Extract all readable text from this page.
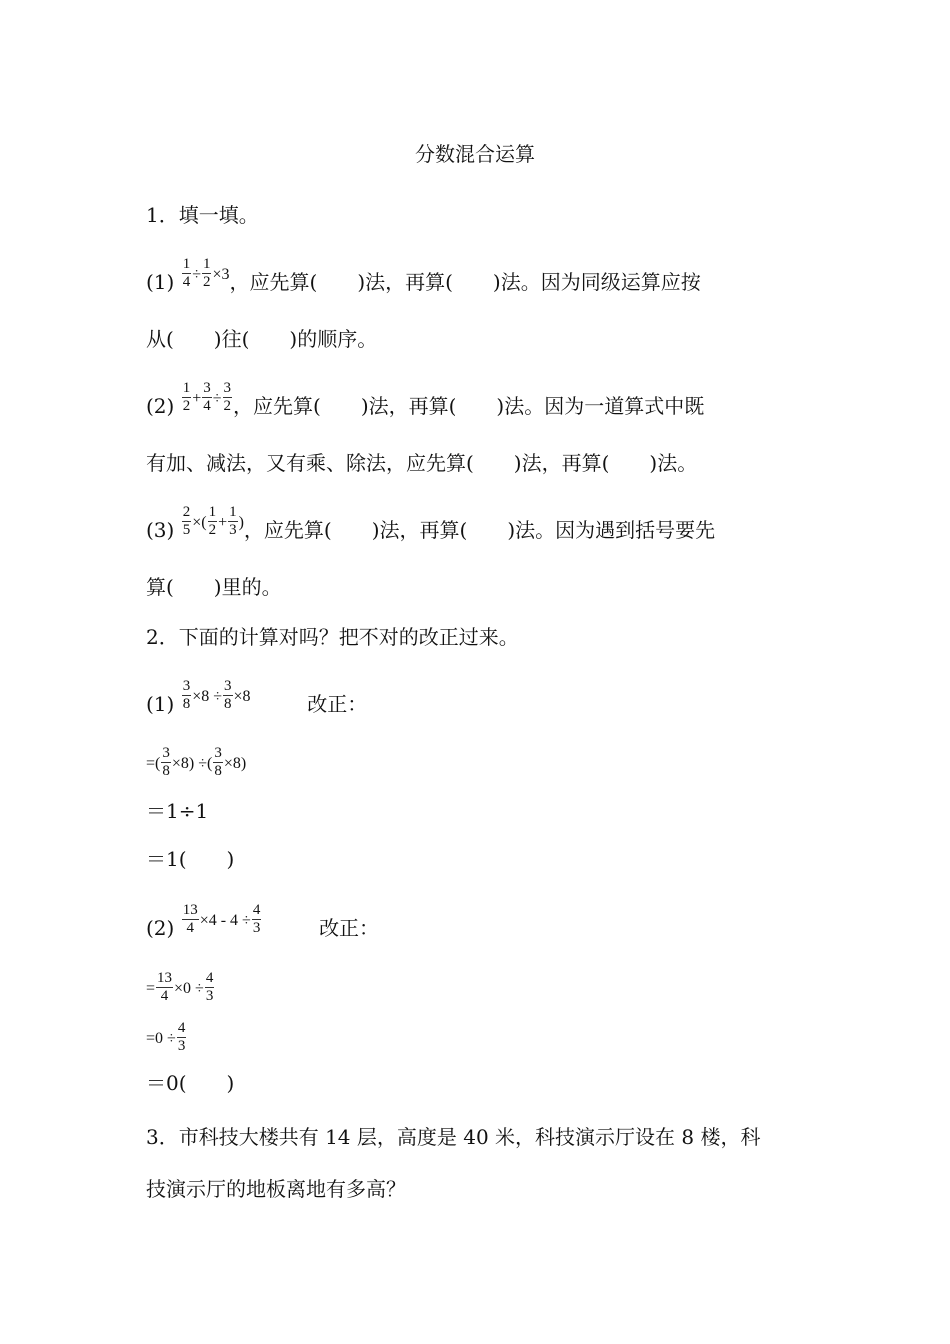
分数混合运算
1．填一填。
$(1) \frac{1}{4} \div \frac{1}{2} \times 3$，应先算(　　)法，再算(　　)法。因为同级运算应按
从(　　)往(　　)的顺序。
$(2) \frac{1}{2} + \frac{3}{4} \div \frac{3}{2}$ ，应先算(　　)法，再算(　　)法。因为一道算式中既
有加、减法，又有乘、除法，应先算(　　)法，再算(　　)法。
$(3) \frac{2}{5}$ ×( $\frac{1}{2} + \frac{1}{3}$ )，应先算(　　)法，再算(　　)法。因为遇到括号要先
算(　　)里的。
2．下面的计算对吗？把不对的改正过来。
$(1) \frac{3}{8} \times 8 \div \frac{3}{8} \times 8$	改正：
=( $\frac{3}{8} \times 8$) ÷( $\frac{3}{8} \times 8$)
＝1÷1
＝1(　　)
$(2) \frac{13}{4} \times 4 - 4 \div \frac{4}{3}$	改正：
= $\frac{13}{4} \times 0 \div \frac{4}{3}$
$=0 \div \frac{4}{3}$
＝0(　　)
3．市科技大楼共有 14 层，高度是 40 米，科技演示厅设在 8 楼，科
技演示厅的地板离地有多高？
